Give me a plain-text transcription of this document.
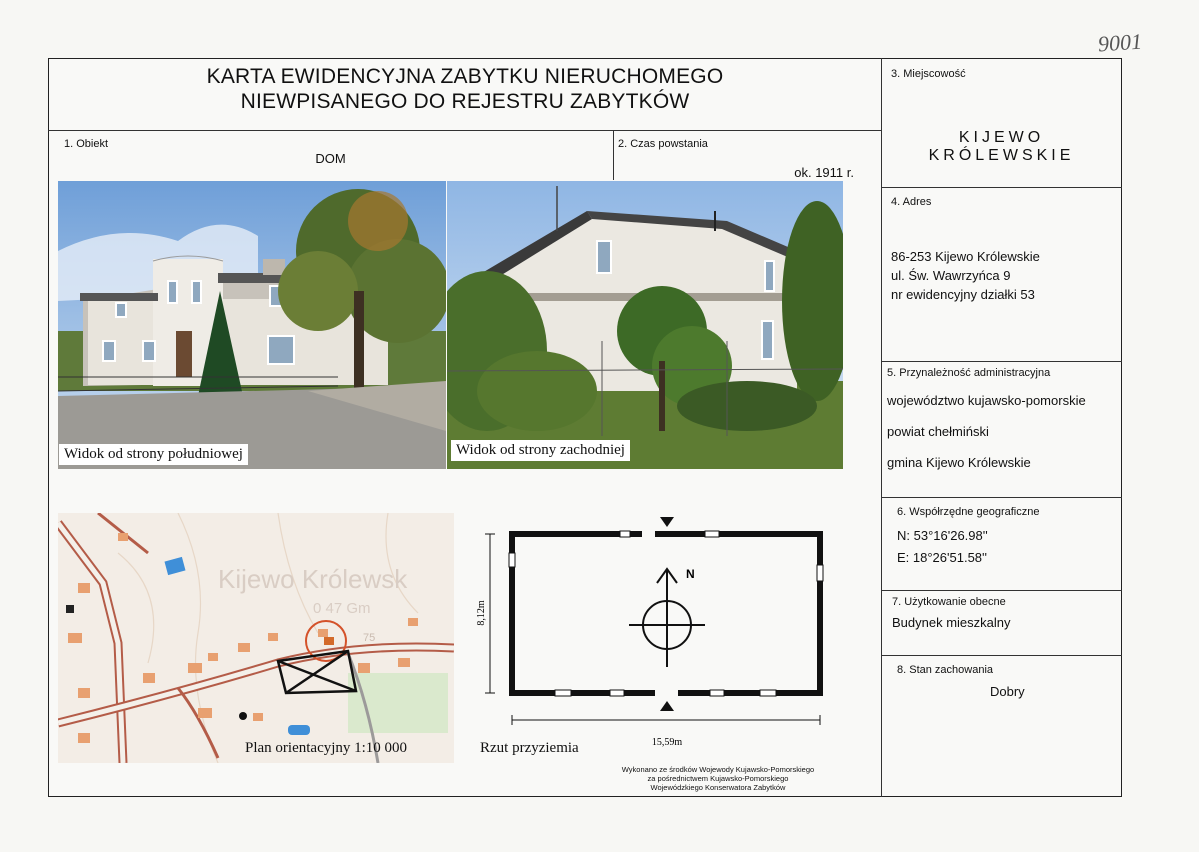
9001
KARTA EWIDENCYJNA ZABYTKU NIERUCHOMEGO
NIEWPISANEGO DO REJESTRU ZABYTKÓW
1. Obiekt
DOM
2. Czas powstania
ok. 1911 r.
3. Miejscowość
KIJEWO
KRÓLEWSKIE
4. Adres
86-253 Kijewo Królewskie
ul. Św. Wawrzyńca 9
nr ewidencyjny działki 53
5. Przynależność administracyjna
województwo kujawsko-pomorskie
powiat chełmiński
gmina Kijewo Królewskie
6. Współrzędne geograficzne
N: 53°16'26.98''
E: 18°26'51.58''
7. Użytkowanie obecne
Budynek mieszkalny
8. Stan zachowania
Dobry
Widok od strony południowej	Widok od strony zachodniej
Kijewo Królewsk
0 47 Gm
75
Plan orientacyjny 1:10 000
N
8,12m
15,59m
Rzut przyziemia
Wykonano ze środków Wojewody Kujawsko-Pomorskiego
za pośrednictwem Kujawsko-Pomorskiego
Wojewódzkiego Konserwatora Zabytków
